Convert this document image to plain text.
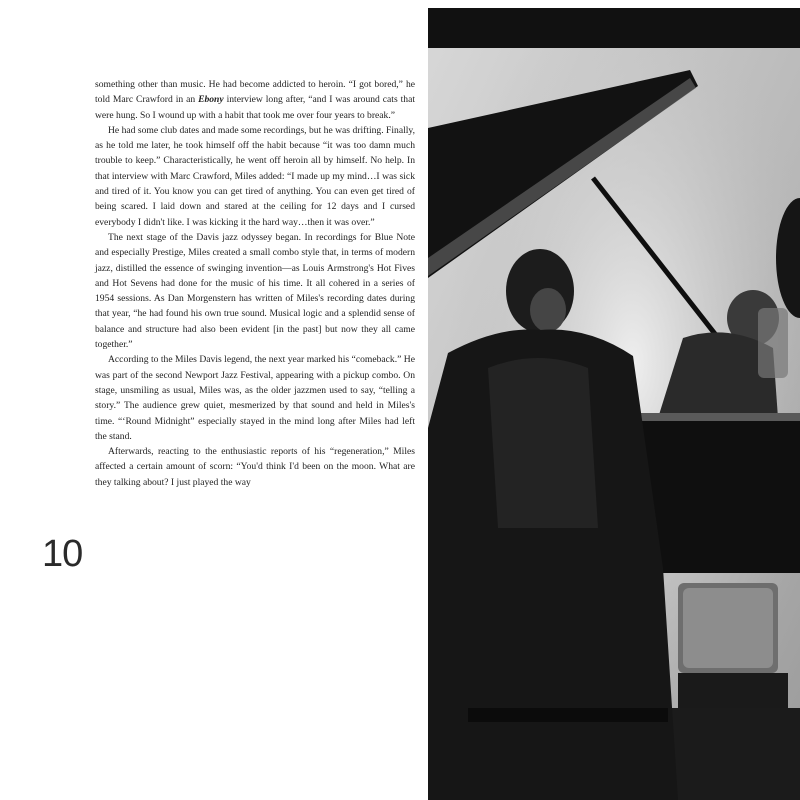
something other than music. He had become addicted to heroin. “I got bored,” he told Marc Crawford in an Ebony interview long after, “and I was around cats that were hung. So I wound up with a habit that took me over four years to break.”

He had some club dates and made some recordings, but he was drifting. Finally, as he told me later, he took himself off the habit because “it was too damn much trouble to keep.” Characteristically, he went off heroin all by himself. No help. In that interview with Marc Crawford, Miles added: “I made up my mind…I was sick and tired of it. You know you can get tired of anything. You can even get tired of being scared. I laid down and stared at the ceiling for 12 days and I cursed everybody I didn't like. I was kicking it the hard way…then it was over.”

The next stage of the Davis jazz odyssey began. In recordings for Blue Note and especially Prestige, Miles created a small combo style that, in terms of modern jazz, distilled the essence of swinging invention—as Louis Armstrong's Hot Fives and Hot Sevens had done for the music of his time. It all cohered in a series of 1954 sessions. As Dan Morgenstern has written of Miles's recording dates during that year, “he had found his own true sound. Musical logic and a splendid sense of balance and structure had also been evident [in the past] but now they all came together.”

According to the Miles Davis legend, the next year marked his “comeback.” He was part of the second Newport Jazz Festival, appearing with a pickup combo. On stage, unsmiling as usual, Miles was, as the older jazzmen used to say, “telling a story.” The audience grew quiet, mesmerized by that sound and held in Miles's time. “‘Round Midnight” especially stayed in the mind long after Miles had left the stand.

Afterwards, reacting to the enthusiastic reports of his “regeneration,” Miles affected a certain amount of scorn: “You'd think I'd been on the moon. What are they talking about? I just played the way

10
